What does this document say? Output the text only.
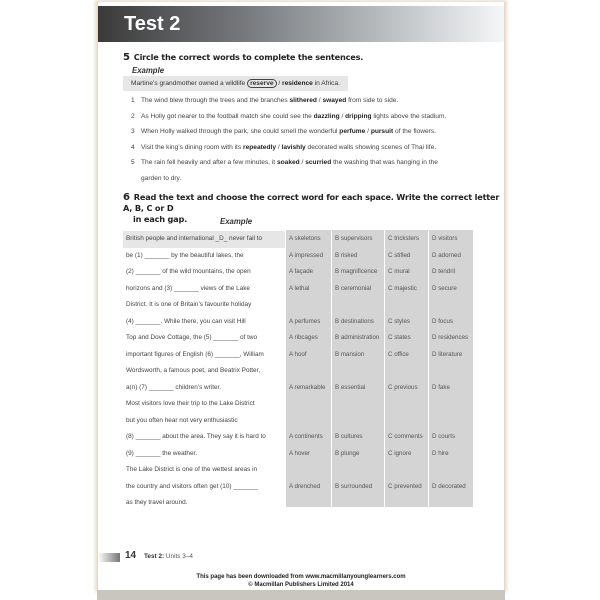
Test 2
5 Circle the correct words to complete the sentences.
Example
Martine’s grandmother owned a wildlife reserve / residence in Africa.
1 The wind blew through the trees and the branches slithered / swayed from side to side.
2 As Holly got nearer to the football match she could see the dazzling / dripping lights above the stadium.
3 When Holly walked through the park, she could smell the wonderful perfume / pursuit of the flowers.
4 Visit the king’s dining room with its repeatedly / lavishly decorated walls showing scenes of Thai life.
5 The rain fell heavily and after a few minutes, it soaked / scurried the washing that was hanging in the
garden to dry.
6 Read the text and choose the correct word for each space. Write the correct letter A, B, C or D
in each gap.	Example
British people and international _D_ never fail to	A skeletons B supervisors	C tricksters D visitors
be (1) _______ by the beautiful lakes, the	A impressed B risked	C stifled	D adorned
(2) _______ of the wild mountains, the open	A façade	B magnificence C mural	D tendril
horizons and (3) _______ views of the Lake	A lethal	B ceremonial	C majestic D secure
District. It is one of Britain’s favourite holiday
(4) _______. While there, you can visit Hill	A perfumes B destinations C styles	D focus
Top and Dove Cottage, the (5) _______ of two	A ribcages	B administration C states	D residences
important figures of English (6) _______, William	A hoof	B mansion	C office	D literature
Wordsworth, a famous poet, and Beatrix Potter,
a(n) (7) _______ children’s writer.	A remarkable B essential	C previous D fake
Most visitors love their trip to the Lake District
but you often hear not very enthusiastic
(8) _______ about the area. They say it is hard to	A continents B cultures	C comments D courts
(9) _______ the weather.	A hover	B plunge	C ignore	D hire
The Lake District is one of the wettest areas in
the country and visitors often get (10) _______	A drenched B surrounded	C prevented D decorated
as they travel around.
14 Test 2: Units 3–4
This page has been downloaded from www.macmillanyounglearners.com
© Macmillan Publishers Limited 2014
